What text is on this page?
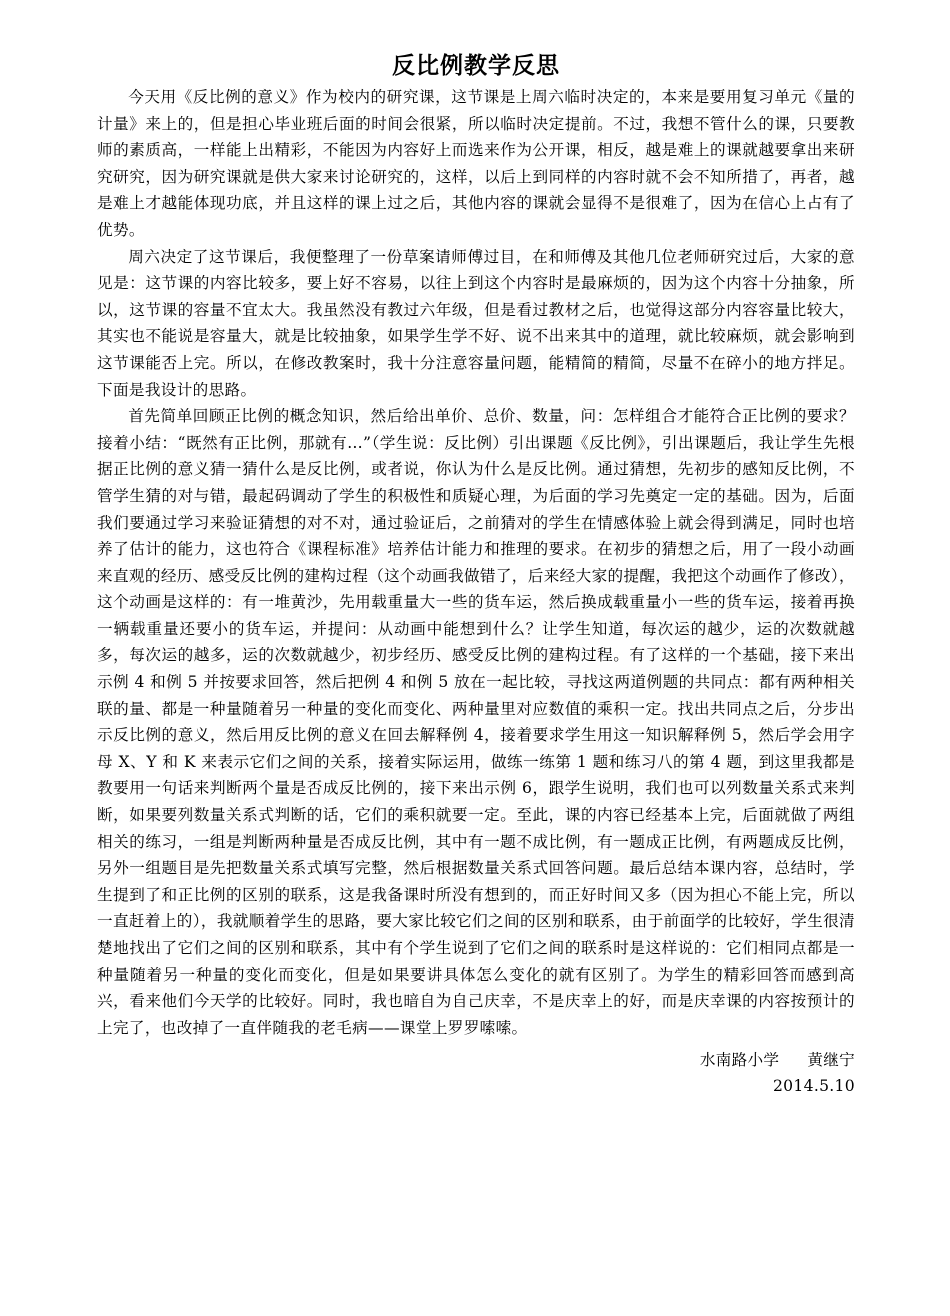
反比例教学反思

今天用《反比例的意义》作为校内的研究课，这节课是上周六临时决定的，本来是要用复习单元《量的计量》来上的，但是担心毕业班后面的时间会很紧，所以临时决定提前。不过，我想不管什么的课，只要教师的素质高，一样能上出精彩，不能因为内容好上而选来作为公开课，相反，越是难上的课就越要拿出来研究研究，因为研究课就是供大家来讨论研究的，这样，以后上到同样的内容时就不会不知所措了，再者，越是难上才越能体现功底，并且这样的课上过之后，其他内容的课就会显得不是很难了，因为在信心上占有了优势。

周六决定了这节课后，我便整理了一份草案请师傅过目，在和师傅及其他几位老师研究过后，大家的意见是：这节课的内容比较多，要上好不容易，以往上到这个内容时是最麻烦的，因为这个内容十分抽象，所以，这节课的容量不宜太大。我虽然没有教过六年级，但是看过教材之后，也觉得这部分内容容量比较大，其实也不能说是容量大，就是比较抽象，如果学生学不好、说不出来其中的道理，就比较麻烦，就会影响到这节课能否上完。所以，在修改教案时，我十分注意容量问题，能精简的精简，尽量不在碎小的地方拌足。下面是我设计的思路。

首先简单回顾正比例的概念知识，然后给出单价、总价、数量，问：怎样组合才能符合正比例的要求？接着小结：“既然有正比例，那就有…”（学生说：反比例）引出课题《反比例》，引出课题后，我让学生先根据正比例的意义猜一猜什么是反比例，或者说，你认为什么是反比例。通过猜想，先初步的感知反比例，不管学生猜的对与错，最起码调动了学生的积极性和质疑心理，为后面的学习先奠定一定的基础。因为，后面我们要通过学习来验证猜想的对不对，通过验证后，之前猜对的学生在情感体验上就会得到满足，同时也培养了估计的能力，这也符合《课程标准》培养估计能力和推理的要求。在初步的猜想之后，用了一段小动画来直观的经历、感受反比例的建构过程（这个动画我做错了，后来经大家的提醒，我把这个动画作了修改），这个动画是这样的：有一堆黄沙，先用载重量大一些的货车运，然后换成载重量小一些的货车运，接着再换一辆载重量还要小的货车运，并提问：从动画中能想到什么？让学生知道，每次运的越少，运的次数就越多，每次运的越多，运的次数就越少，初步经历、感受反比例的建构过程。有了这样的一个基础，接下来出示例 4 和例 5 并按要求回答，然后把例 4 和例 5 放在一起比较，寻找这两道例题的共同点：都有两种相关联的量、都是一种量随着另一种量的变化而变化、两种量里对应数值的乘积一定。找出共同点之后，分步出示反比例的意义，然后用反比例的意义在回去解释例 4，接着要求学生用这一知识解释例 5，然后学会用字母 X、Y 和 K 来表示它们之间的关系，接着实际运用，做练一练第 1 题和练习八的第 4 题，到这里我都是教要用一句话来判断两个量是否成反比例的，接下来出示例 6，跟学生说明，我们也可以列数量关系式来判断，如果要列数量关系式判断的话，它们的乘积就要一定。至此，课的内容已经基本上完，后面就做了两组相关的练习，一组是判断两种量是否成反比例，其中有一题不成比例，有一题成正比例，有两题成反比例，另外一组题目是先把数量关系式填写完整，然后根据数量关系式回答问题。最后总结本课内容，总结时，学生提到了和正比例的区别的联系，这是我备课时所没有想到的，而正好时间又多（因为担心不能上完，所以一直赶着上的），我就顺着学生的思路，要大家比较它们之间的区别和联系，由于前面学的比较好，学生很清楚地找出了它们之间的区别和联系，其中有个学生说到了它们之间的联系时是这样说的：它们相同点都是一种量随着另一种量的变化而变化，但是如果要讲具体怎么变化的就有区别了。为学生的精彩回答而感到高兴，看来他们今天学的比较好。同时，我也暗自为自己庆幸，不是庆幸上的好，而是庆幸课的内容按预计的上完了，也改掉了一直伴随我的老毛病——课堂上罗罗嗦嗦。

水南路小学 黄继宁
2014.5.10
